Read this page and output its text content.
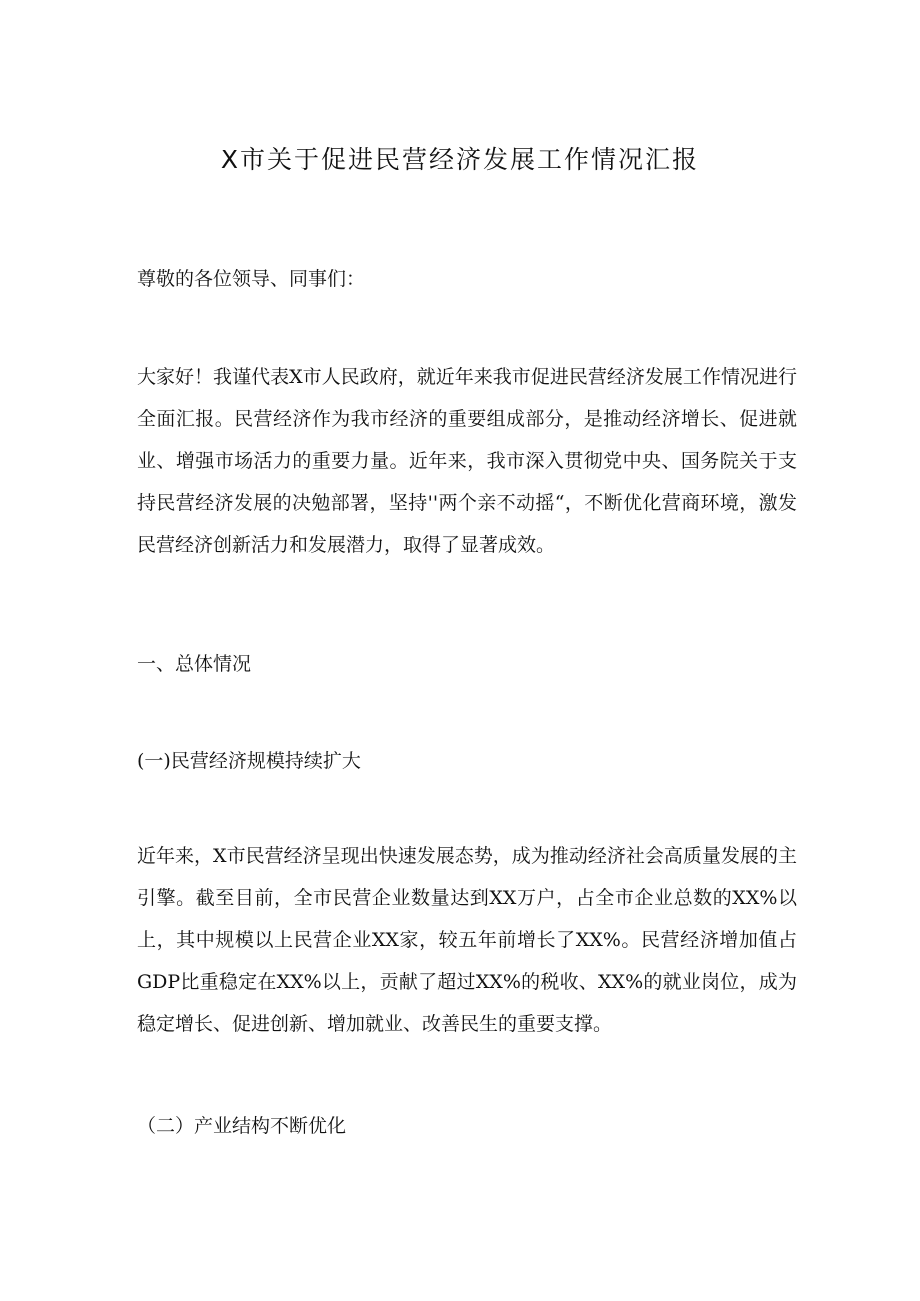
X市关于促进民营经济发展工作情况汇报

尊敬的各位领导、同事们：

大家好！我谨代表X市人民政府，就近年来我市促进民营经济发展工作情况进行全面汇报。民营经济作为我市经济的重要组成部分，是推动经济增长、促进就业、增强市场活力的重要力量。近年来，我市深入贯彻党中央、国务院关于支持民营经济发展的决勉部署，坚持''两个亲不动摇“，不断优化营商环境，激发民营经济创新活力和发展潜力，取得了显著成效。

一、总体情况

(一)民营经济规模持续扩大

近年来，X市民营经济呈现出快速发展态势，成为推动经济社会高质量发展的主引擎。截至目前，全市民营企业数量达到XX万户，占全市企业总数的XX%以上，其中规模以上民营企业XX家，较五年前增长了XX%。民营经济增加值占GDP比重稳定在XX%以上，贡献了超过XX%的税收、XX%的就业岗位，成为稳定增长、促进创新、增加就业、改善民生的重要支撑。

（二）产业结构不断优化
